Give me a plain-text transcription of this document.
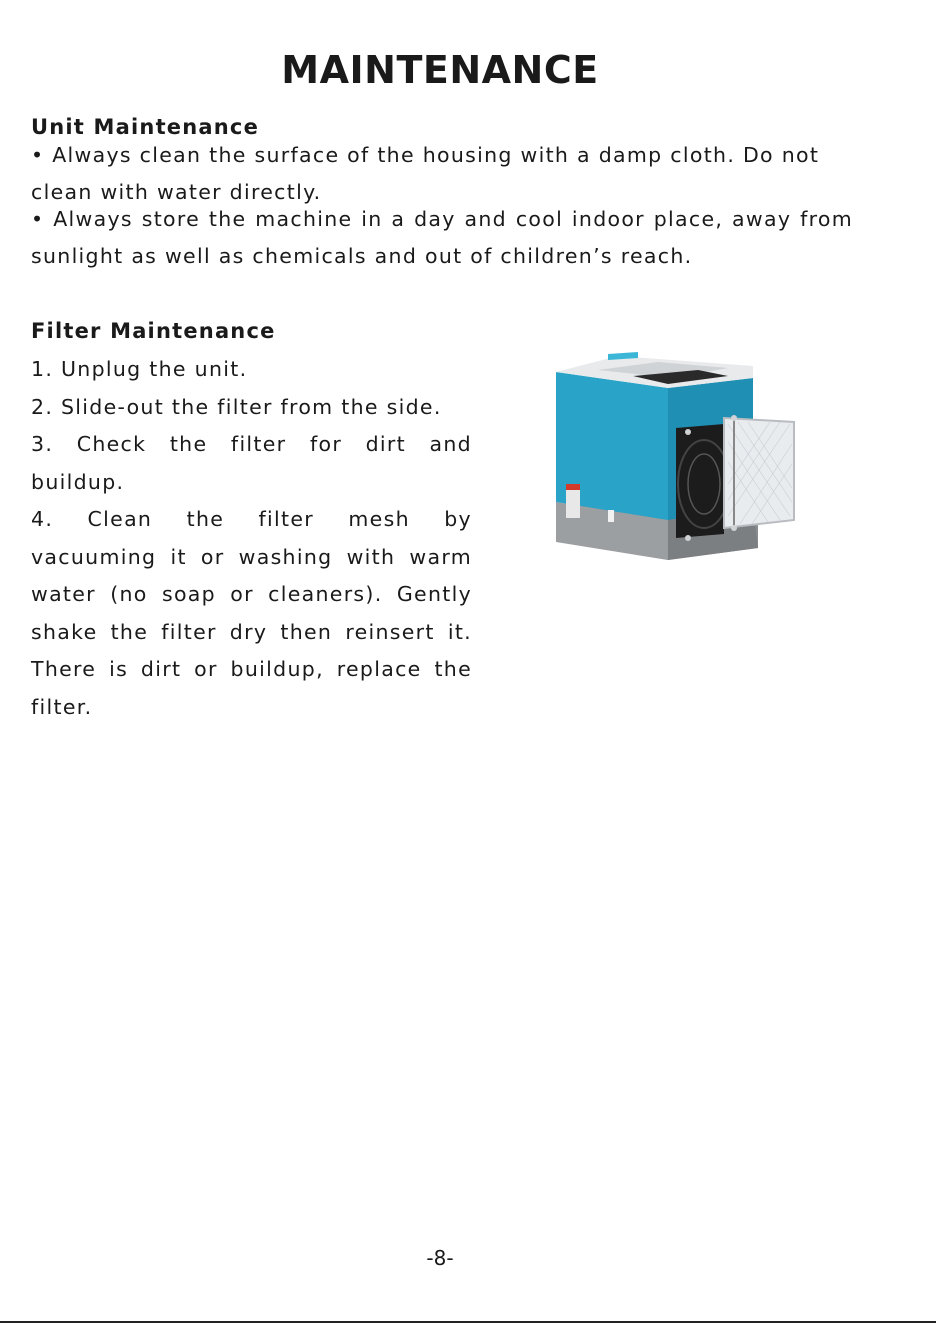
MAINTENANCE
Unit Maintenance

• Always clean the surface of the housing with a damp cloth. Do not clean with water directly.

• Always store the machine in a day and cool indoor place, away from sunlight as well as chemicals and out of children’s reach.

Filter Maintenance
1. Unplug the unit.
2. Slide-out the filter from the side.
3. Check the filter for dirt and buildup.
4. Clean the filter mesh by vacuuming it or washing with warm water (no soap or cleaners). Gently shake the filter dry then reinsert it. There is dirt or buildup, replace the filter.

-8-
